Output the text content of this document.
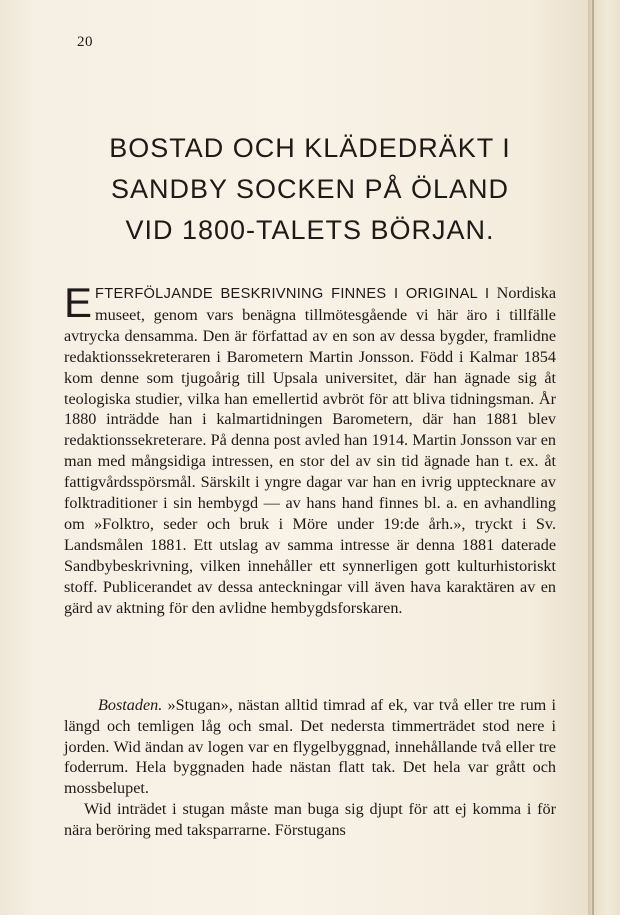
20
BOSTAD OCH KLÄDEDRÄKT I
SANDBY SOCKEN PÅ ÖLAND
VID 1800-TALETS BÖRJAN.

EFTERFÖLJANDE BESKRIVNING FINNES I ORIGINAL I Nordiska museet, genom vars benägna tillmötesgående vi här äro i tillfälle avtrycka densamma. Den är författad av en son av dessa bygder, framlidne redaktionssekreteraren i Barometern Martin Jonsson. Född i Kalmar 1854 kom denne som tjugoårig till Upsala universitet, där han ägnade sig åt teologiska studier, vilka han emellertid avbröt för att bliva tidningsman. År 1880 inträdde han i kalmartidningen Barometern, där han 1881 blev redaktionssekreterare. På denna post avled han 1914. Martin Jonsson var en man med mångsidiga intressen, en stor del av sin tid ägnade han t. ex. åt fattigvårdsspörsmål. Särskilt i yngre dagar var han en ivrig upptecknare av folktraditioner i sin hembygd — av hans hand finnes bl. a. en avhandling om »Folktro, seder och bruk i Möre under 19:de årh.», tryckt i Sv. Landsmålen 1881. Ett utslag av samma intresse är denna 1881 daterade Sandbybeskrivning, vilken innehåller ett synnerligen gott kulturhistoriskt stoff. Publicerandet av dessa anteckningar vill även hava karaktären av en gärd av aktning för den avlidne hembygdsforskaren.

Bostaden. »Stugan», nästan alltid timrad af ek, var två eller tre rum i längd och temligen låg och smal. Det nedersta timmerträdet stod nere i jorden. Wid ändan av logen var en flygelbyggnad, innehållande två eller tre foderrum. Hela byggnaden hade nästan flatt tak. Det hela var grått och mossbelupet.

Wid inträdet i stugan måste man buga sig djupt för att ej komma i för nära beröring med taksparrarne. Förstugans
